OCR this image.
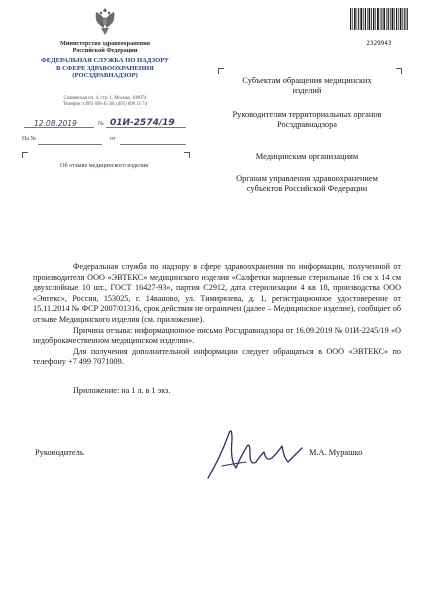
Министерство здравоохранения
Российской Федерации
ФЕДЕРАЛЬНАЯ СЛУЖБА ПО НАДЗОРУ
В СФЕРЕ ЗДРАВООХРАНЕНИЯ
(РОСЗДРАВНАДЗОР)
Славянская пл. 4, стр. 1, Москва, 109074
Телефон: (495) 698 45 38; (495) 698 15 74
12.08.2019	№ 01И-2574/19
На №	от
Об отзыве медицинского изделия
2329943
Субъектам обращения медицинских изделий
Руководителям территориальных органов Росздравнадзора
Медицинским организациям
Органам управления здравоохранением субъектов Российской Федерации

Федеральная служба по надзору в сфере здравоохранения по информации, полученной от производителя ООО «ЭВТЕКС» медицинского изделия «Салфетки марлевые стерильные 16 см х 14 см двухслойные 10 шт., ГОСТ 16427-93», партия С2912, дата стерилизации 4 кв 18, производства ООО «Эвтекс», Россия, 153025, г. 14ваново, ул. Тимирязева, д. 1, регистрационное удостоверение от 15.11.2014 № ФСР 2007/01316, срок действия не ограничен (далее – Медицинское изделие), сообщает об отзыве Медицинского изделия (см. приложение).

Причина отзыва: информационное письмо Росздравнадзора от 16.09.2019 № 01И-2245/19 «О недоброкачественном медицинском изделии».

Для получения дополнительной информации следует обращаться в ООО «ЭВТЕКС» по телефону +7 499 7071009.

Приложение: на 1 л. в 1 экз.
Руководитель	М.А. Мурашко
